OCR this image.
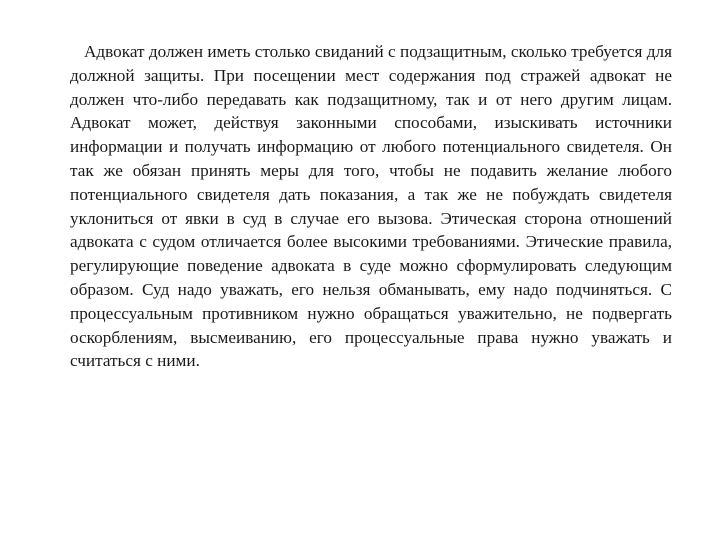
Адвокат должен иметь столько свиданий с подзащитным, сколько требуется для должной защиты. При посещении мест содержания под стражей адвокат не должен что-либо передавать как подзащитному, так и от него другим лицам. Адвокат может, действуя законными способами, изыскивать источники информации и получать информацию от любого потенциального свидетеля. Он так же обязан принять меры для того, чтобы не подавить желание любого потенциального свидетеля дать показания, а так же не побуждать свидетеля уклониться от явки в суд в случае его вызова. Этическая сторона отношений адвоката с судом отличается более высокими требованиями. Этические правила, регулирующие поведение адвоката в суде можно сформулировать следующим образом. Суд надо уважать, его нельзя обманывать, ему надо подчиняться. С процессуальным противником нужно обращаться уважительно, не подвергать оскорблениям, высмеиванию, его процессуальные права нужно уважать и считаться с ними.
